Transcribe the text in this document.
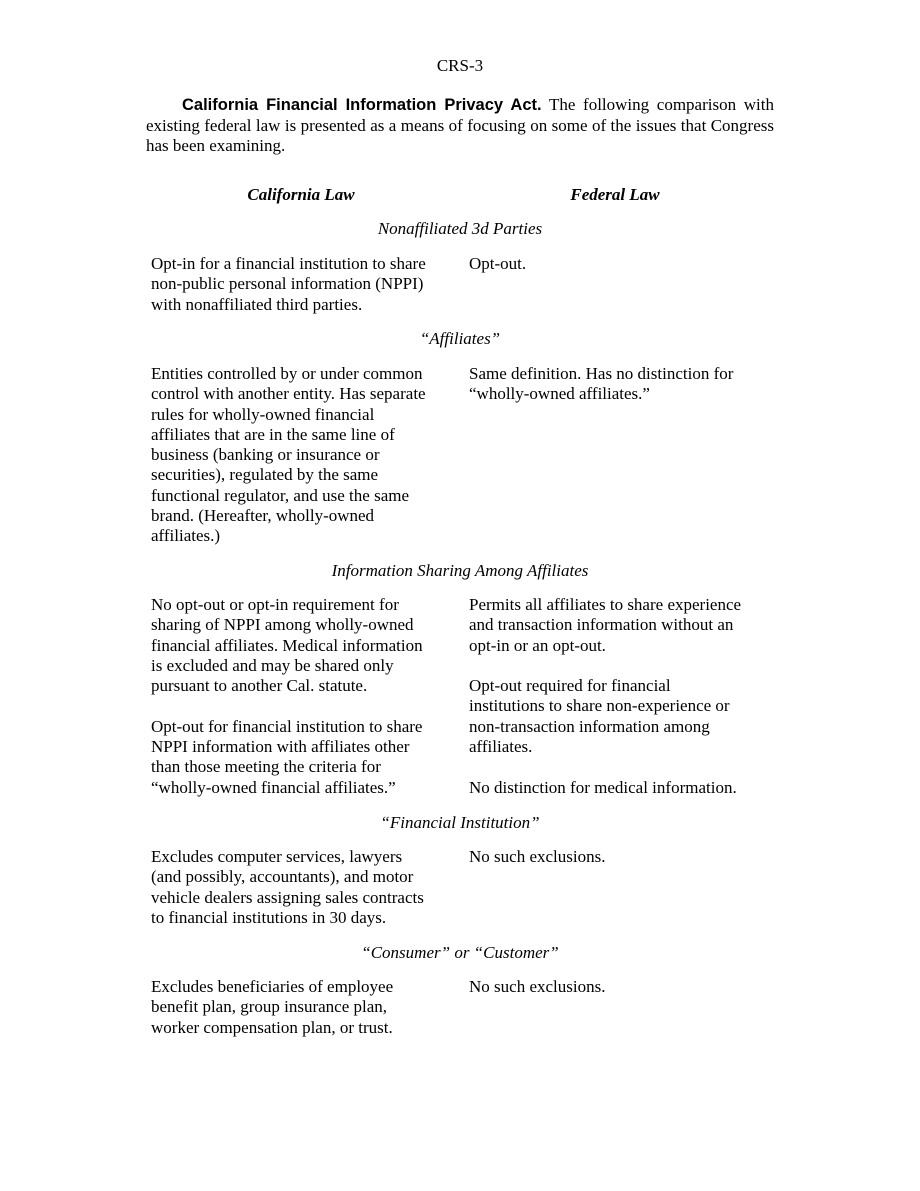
CRS-3

California Financial Information Privacy Act. The following comparison with existing federal law is presented as a means of focusing on some of the issues that Congress has been examining.

California Law	Federal Law
Nonaffiliated 3d Parties

Opt-in for a financial institution to share
non-public personal information (NPPI)
with nonaffiliated third parties.

Opt-out.

“Affiliates”

Entities controlled by or under common
control with another entity. Has separate
rules for wholly-owned financial
affiliates that are in the same line of
business (banking or insurance or
securities), regulated by the same
functional regulator, and use the same
brand. (Hereafter, wholly-owned
affiliates.)

Same definition. Has no distinction for
“wholly-owned affiliates.”

Information Sharing Among Affiliates

No opt-out or opt-in requirement for
sharing of NPPI among wholly-owned
financial affiliates. Medical information
is excluded and may be shared only
pursuant to another Cal. statute.

Opt-out for financial institution to share
NPPI information with affiliates other
than those meeting the criteria for
“wholly-owned financial affiliates.”

Permits all affiliates to share experience
and transaction information without an
opt-in or an opt-out.

Opt-out required for financial
institutions to share non-experience or
non-transaction information among
affiliates.

No distinction for medical information.

“Financial Institution”

Excludes computer services, lawyers
(and possibly, accountants), and motor
vehicle dealers assigning sales contracts
to financial institutions in 30 days.

No such exclusions.

“Consumer” or “Customer”

Excludes beneficiaries of employee
benefit plan, group insurance plan,
worker compensation plan, or trust.

No such exclusions.
